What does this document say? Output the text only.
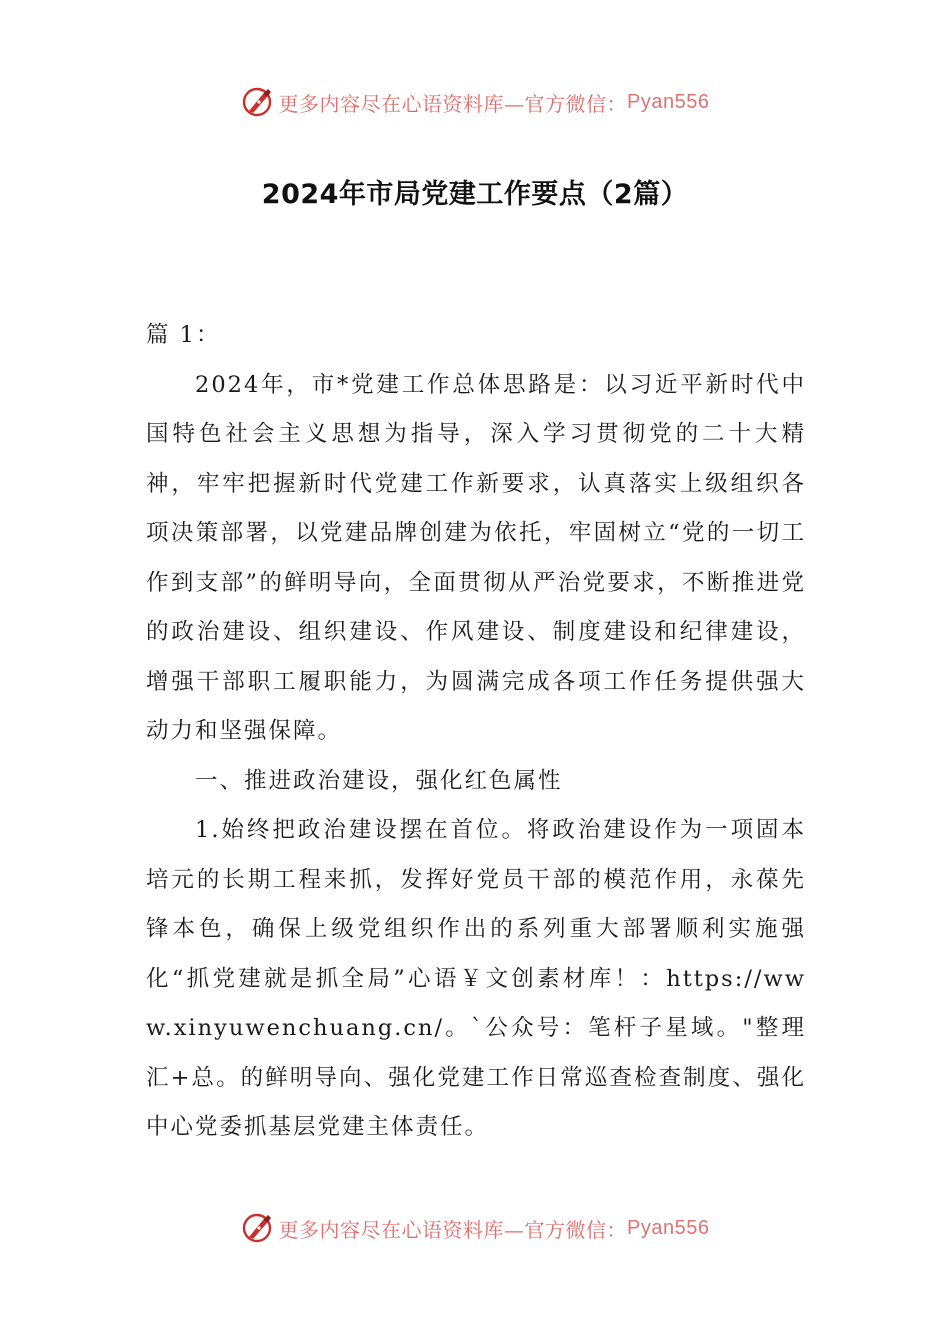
更多内容尽在心语资料库—官方微信： Pyan556
2024年市局党建工作要点（2篇）

篇 1：

2024年，市*党建工作总体思路是：以习近平新时代中国特色社会主义思想为指导，深入学习贯彻党的二十大精神，牢牢把握新时代党建工作新要求，认真落实上级组织各项决策部署，以党建品牌创建为依托，牢固树立“党的一切工作到支部”的鲜明导向，全面贯彻从严治党要求，不断推进党的政治建设、组织建设、作风建设、制度建设和纪律建设，增强干部职工履职能力，为圆满完成各项工作任务提供强大动力和坚强保障。

一、推进政治建设，强化红色属性

1.始终把政治建设摆在首位。将政治建设作为一项固本培元的长期工程来抓，发挥好党员干部的模范作用，永葆先锋本色，确保上级党组织作出的系列重大部署顺利实施强化“抓党建就是抓全局”心语￥文创素材库！：https://www.xinyuwenchuang.cn/。`公众号：笔杆子星域。"整理汇+总。的鲜明导向、强化党建工作日常巡查检查制度、强化中心党委抓基层党建主体责任。

更多内容尽在心语资料库—官方微信： Pyan556
